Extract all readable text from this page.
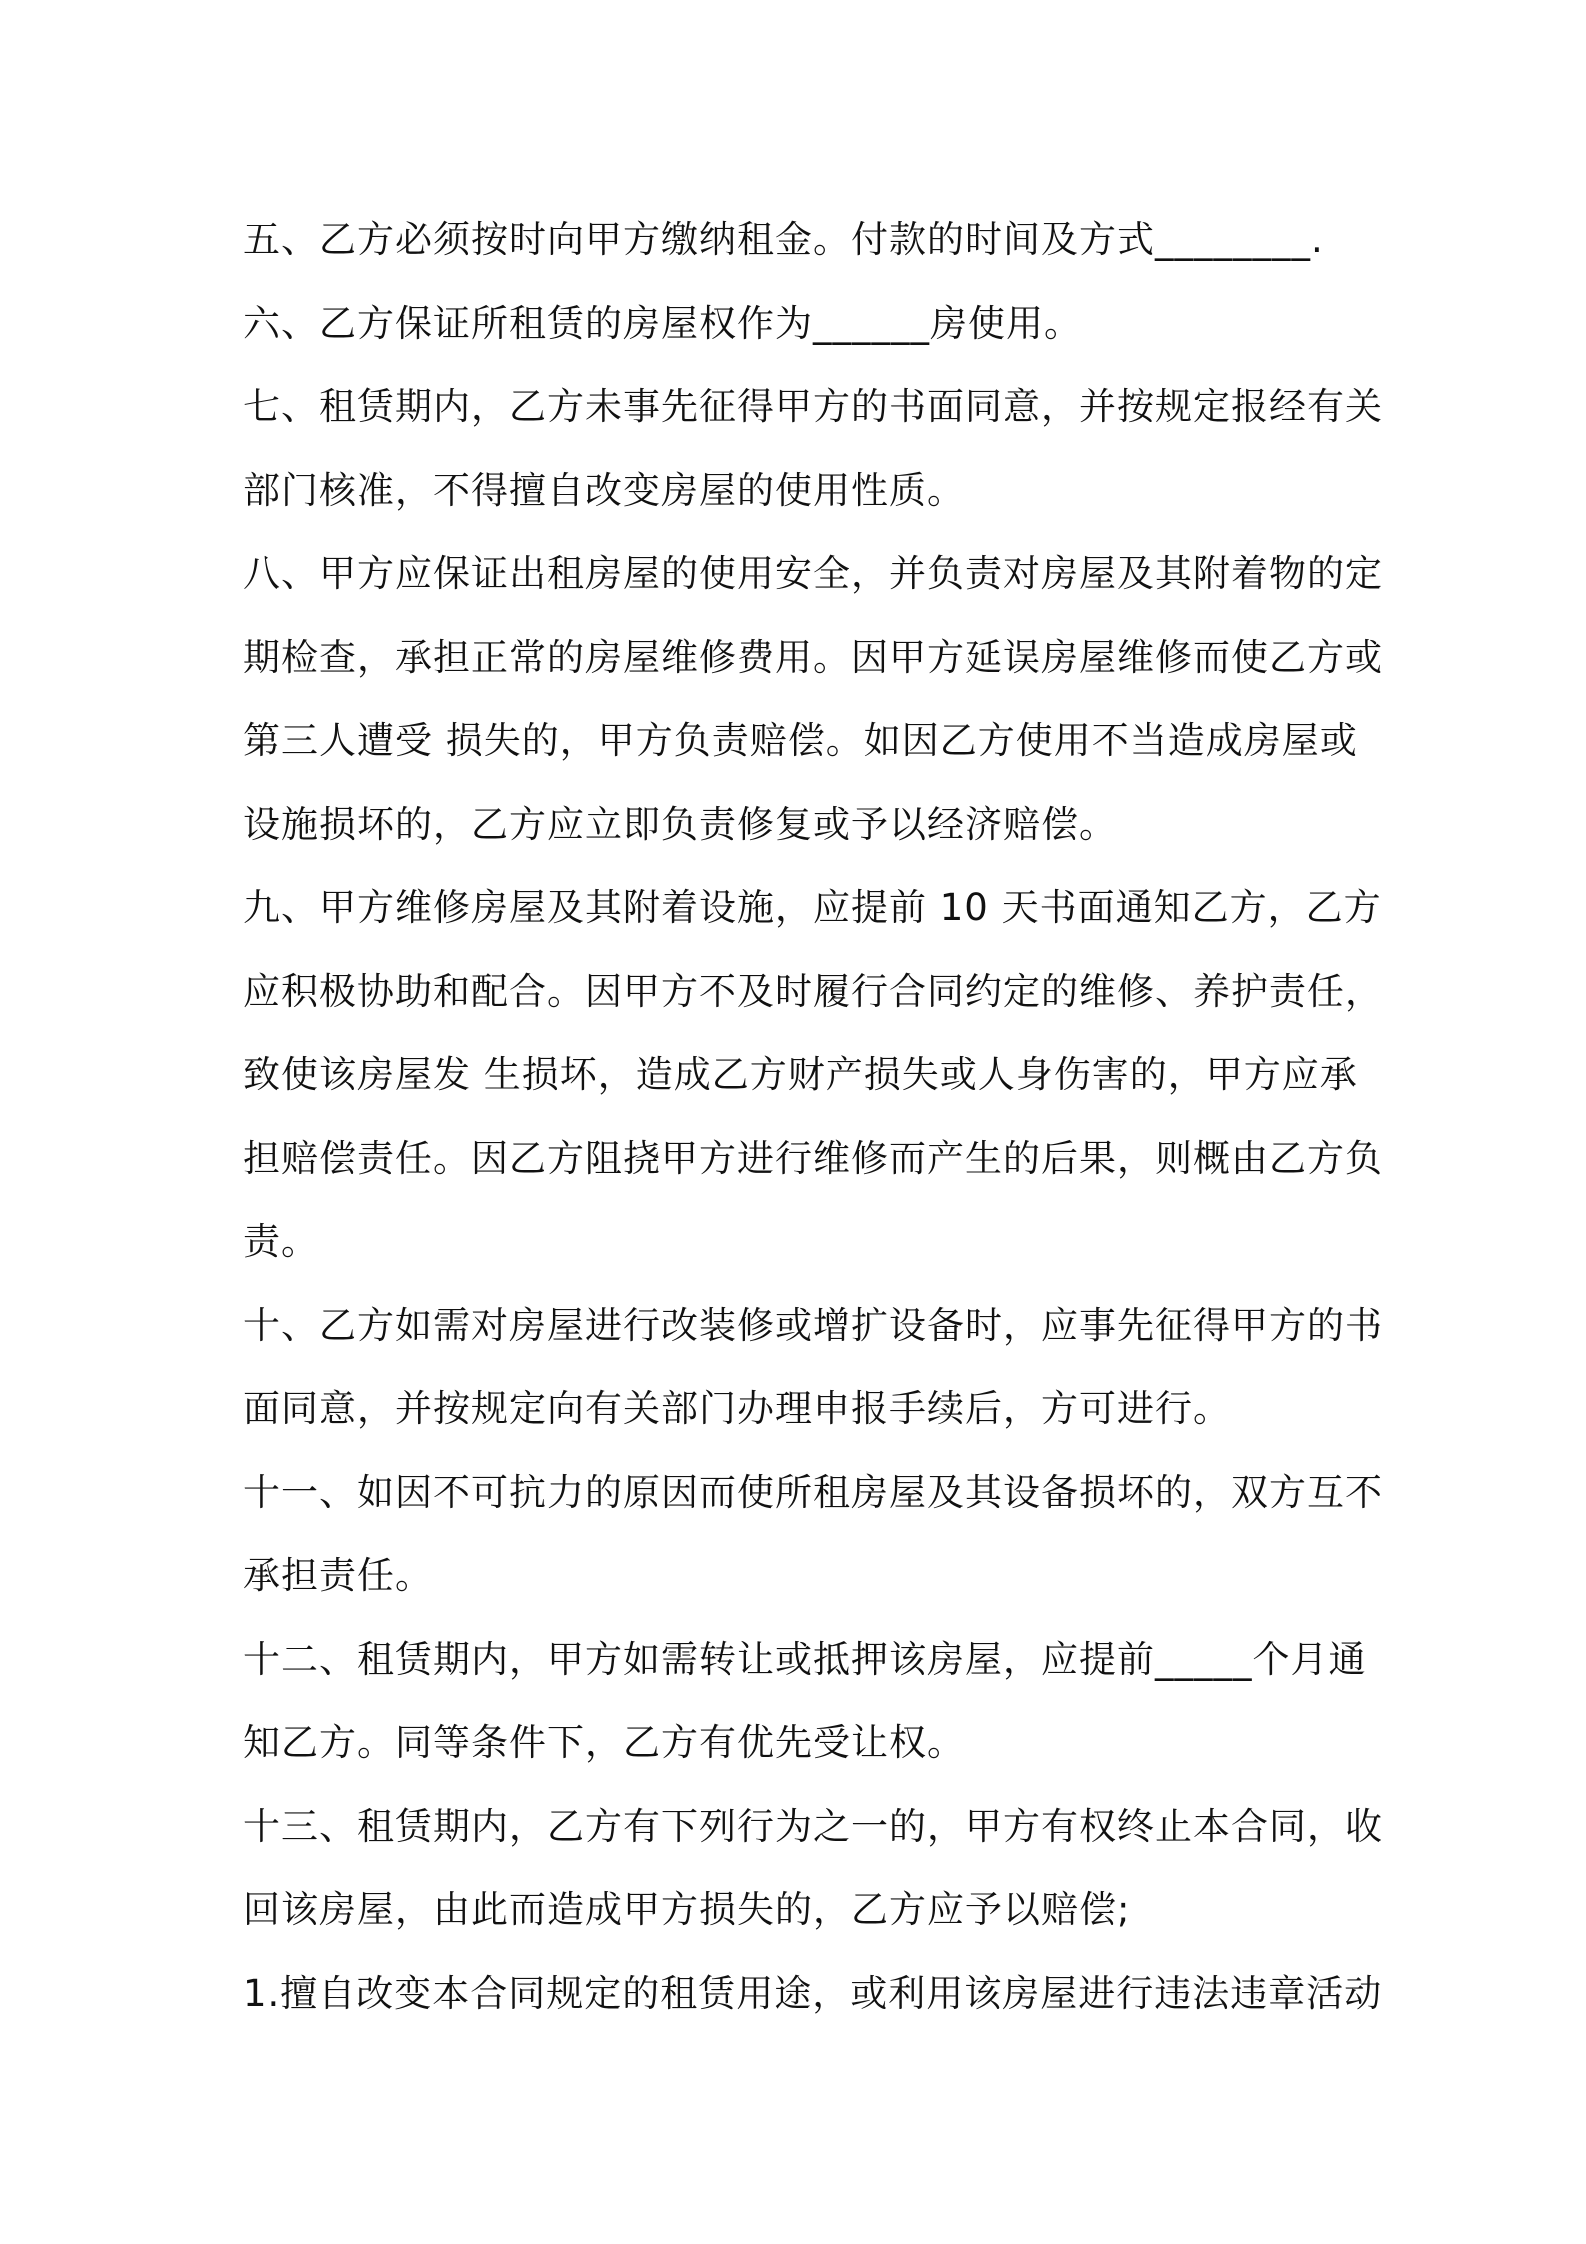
五、乙方必须按时向甲方缴纳租金。付款的时间及方式________.
六、乙方保证所租赁的房屋权作为______房使用。
七、租赁期内，乙方未事先征得甲方的书面同意，并按规定报经有关
部门核准，不得擅自改变房屋的使用性质。
八、甲方应保证出租房屋的使用安全，并负责对房屋及其附着物的定
期检查，承担正常的房屋维修费用。因甲方延误房屋维修而使乙方或
第三人遭受 损失的，甲方负责赔偿。如因乙方使用不当造成房屋或
设施损坏的，乙方应立即负责修复或予以经济赔偿。
九、甲方维修房屋及其附着设施，应提前 10 天书面通知乙方，乙方
应积极协助和配合。因甲方不及时履行合同约定的维修、养护责任，
致使该房屋发 生损坏，造成乙方财产损失或人身伤害的，甲方应承
担赔偿责任。因乙方阻挠甲方进行维修而产生的后果，则概由乙方负
责。
十、乙方如需对房屋进行改装修或增扩设备时，应事先征得甲方的书
面同意，并按规定向有关部门办理申报手续后，方可进行。
十一、如因不可抗力的原因而使所租房屋及其设备损坏的，双方互不
承担责任。
十二、租赁期内，甲方如需转让或抵押该房屋，应提前_____个月通
知乙方。同等条件下，乙方有优先受让权。
十三、租赁期内，乙方有下列行为之一的，甲方有权终止本合同，收
回该房屋，由此而造成甲方损失的，乙方应予以赔偿;
1.擅自改变本合同规定的租赁用途，或利用该房屋进行违法违章活动
